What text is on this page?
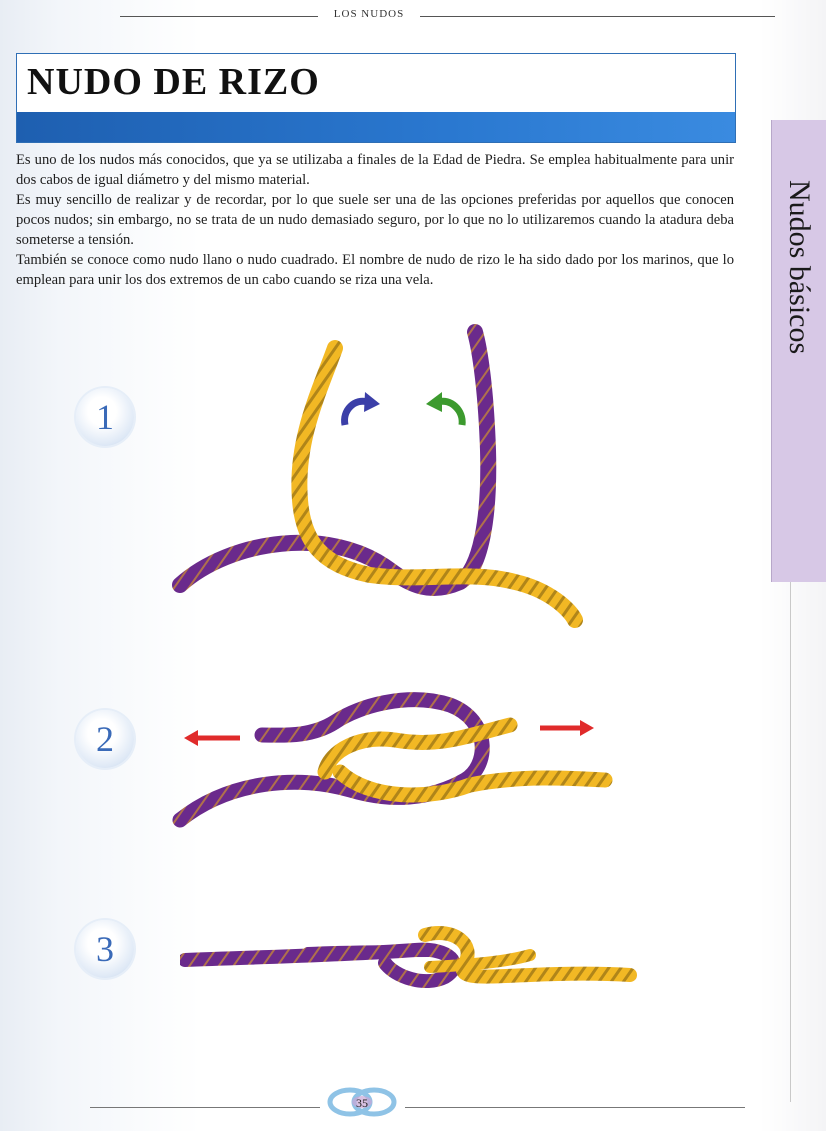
LOS NUDOS
NUDO DE RIZO

Es uno de los nudos más conocidos, que ya se utilizaba a finales de la Edad de Piedra. Se emplea habitualmente para unir dos cabos de igual diámetro y del mismo material.

Es muy sencillo de realizar y de recordar, por lo que suele ser una de las opciones preferidas por aquellos que conocen pocos nudos; sin embargo, no se trata de un nudo demasiado seguro, por lo que no lo utilizaremos cuando la atadura deba someterse a tensión.

También se conoce como nudo llano o nudo cuadrado. El nombre de nudo de rizo le ha sido dado por los marinos, que lo emplean para unir los dos extremos de un cabo cuando se riza una vela.	Nudos básicos
1
2
3
35
